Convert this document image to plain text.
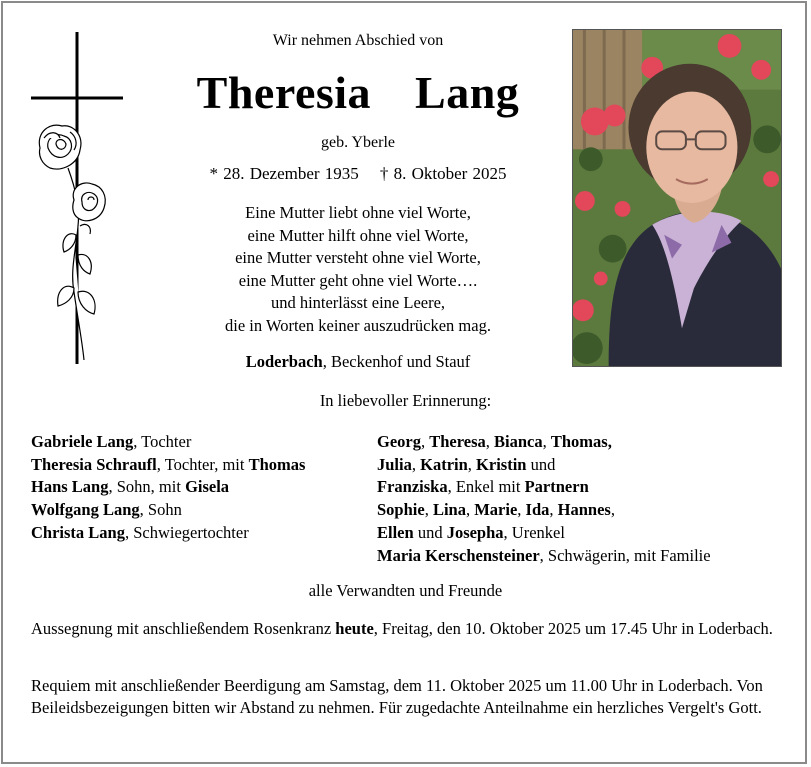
Wir nehmen Abschied von
Theresia  Lang
geb. Yberle
* 28. Dezember 1935 † 8. Oktober 2025
Eine Mutter liebt ohne viel Worte,
eine Mutter hilft ohne viel Worte,
eine Mutter versteht ohne viel Worte,
eine Mutter geht ohne viel Worte….
und hinterlässt eine Leere,
die in Worten keiner auszudrücken mag.
Loderbach, Beckenhof und Stauf
In liebevoller Erinnerung:
Gabriele Lang, Tochter
Theresia Schraufl, Tochter, mit Thomas
Hans Lang, Sohn, mit Gisela
Wolfgang Lang, Sohn
Christa Lang, Schwiegertochter
Georg, Theresa, Bianca, Thomas,
Julia, Katrin, Kristin und
Franziska, Enkel mit Partnern
Sophie, Lina, Marie, Ida, Hannes,
Ellen und Josepha, Urenkel
Maria Kerschensteiner, Schwägerin, mit Familie
alle Verwandten und Freunde
Aussegnung mit anschließendem Rosenkranz heute, Freitag, den 10. Oktober 2025 um 17.45 Uhr in Loderbach.
Requiem mit anschließender Beerdigung am Samstag, dem 11. Oktober 2025 um 11.00 Uhr in Loderbach. Von Beileidsbezeigungen bitten wir Abstand zu nehmen. Für zugedachte Anteilnahme ein herzliches Vergelt's Gott.
